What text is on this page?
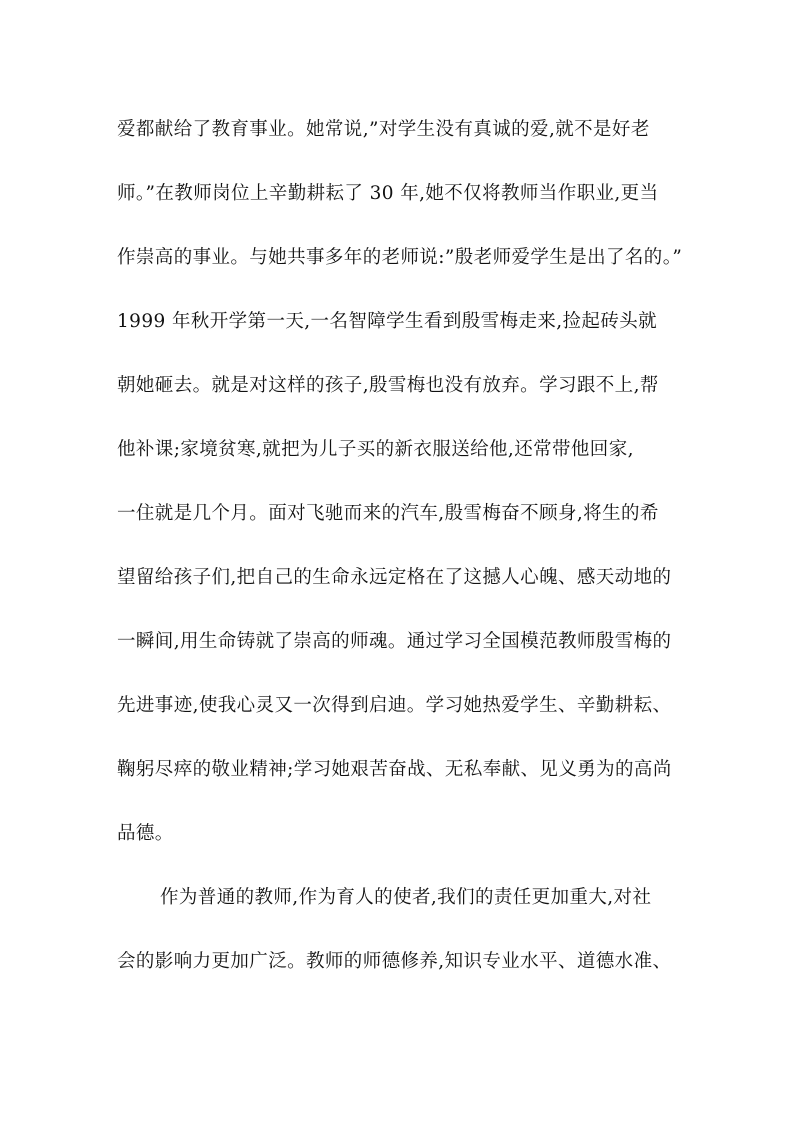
爱都献给了教育事业。她常说,”对学生没有真诚的爱,就不是好老
师。”在教师岗位上辛勤耕耘了 30 年,她不仅将教师当作职业,更当
作崇高的事业。与她共事多年的老师说:”殷老师爱学生是出了名的。”
1999 年秋开学第一天,一名智障学生看到殷雪梅走来,捡起砖头就
朝她砸去。就是对这样的孩子,殷雪梅也没有放弃。学习跟不上,帮
他补课;家境贫寒,就把为儿子买的新衣服送给他,还常带他回家,
一住就是几个月。面对飞驰而来的汽车,殷雪梅奋不顾身,将生的希
望留给孩子们,把自己的生命永远定格在了这撼人心魄、感天动地的
一瞬间,用生命铸就了崇高的师魂。通过学习全国模范教师殷雪梅的
先进事迹,使我心灵又一次得到启迪。学习她热爱学生、辛勤耕耘、
鞠躬尽瘁的敬业精神;学习她艰苦奋战、无私奉献、见义勇为的高尚
品德。
作为普通的教师,作为育人的使者,我们的责任更加重大,对社
会的影响力更加广泛。教师的师德修养,知识专业水平、道德水准、
